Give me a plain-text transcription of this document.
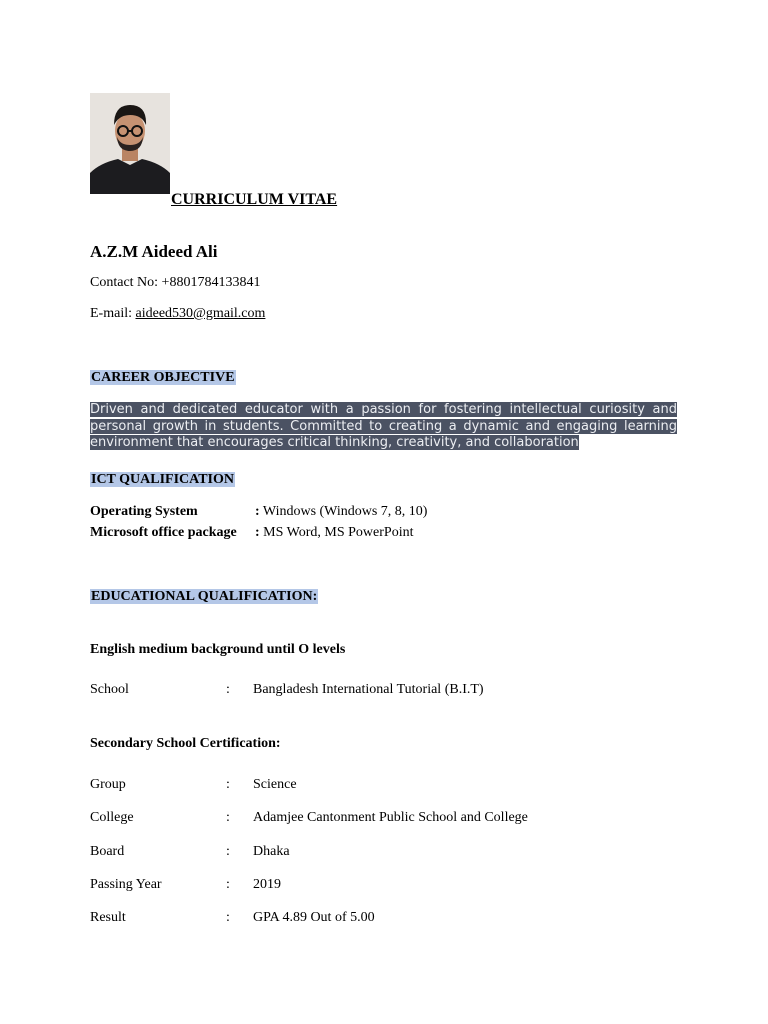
CURRICULUM VITAE
A.Z.M Aideed Ali
Contact No: +8801784133841
E-mail: aideed530@gmail.com
CAREER OBJECTIVE
Driven and dedicated educator with a passion for fostering intellectual curiosity and personal growth in students. Committed to creating a dynamic and engaging learning environment that encourages critical thinking, creativity, and collaboration
ICT QUALIFICATION
Operating System	: Windows (Windows 7, 8, 10)
Microsoft office package : MS Word, MS PowerPoint
EDUCATIONAL QUALIFICATION:
English medium background until O levels
School	: Bangladesh International Tutorial (B.I.T)
Secondary School Certification:
Group	: Science
College	: Adamjee Cantonment Public School and College
Board	: Dhaka
Passing Year	: 2019
Result	: GPA 4.89 Out of 5.00
